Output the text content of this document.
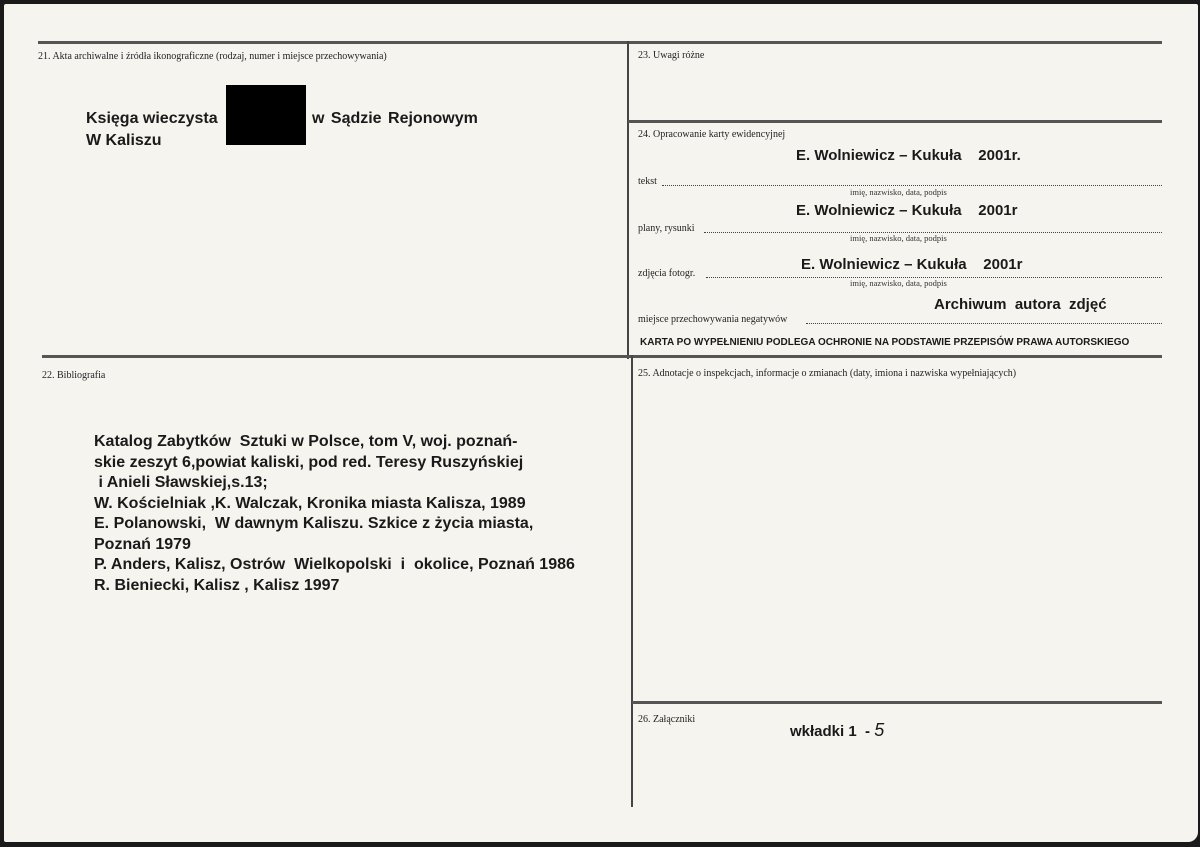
21. Akta archiwalne i źródła ikonograficzne (rodzaj, numer i miejsce przechowywania)
Księga wieczysta	w Sądzie Rejonowym
W Kaliszu
23. Uwagi różne
24. Opracowanie karty ewidencyjnej
E. Wolniewicz – Kukuła    2001r.
tekst
imię, nazwisko, data, podpis
E. Wolniewicz – Kukuła    2001r
plany, rysunki
imię, nazwisko, data, podpis
E. Wolniewicz – Kukuła    2001r
zdjęcia fotogr.
imię, nazwisko, data, podpis
Archiwum  autora  zdjęć
miejsce przechowywania negatywów
KARTA PO WYPEŁNIENIU PODLEGA OCHRONIE NA PODSTAWIE PRZEPISÓW PRAWA AUTORSKIEGO
22. Bibliografia
Katalog Zabytków  Sztuki w Polsce, tom V, woj. poznań-
skie zeszyt 6,powiat kaliski, pod red. Teresy Ruszyńskiej
i Anieli Sławskiej,s.13;
W. Kościelniak ,K. Walczak, Kronika miasta Kalisza, 1989
E. Polanowski,  W dawnym Kaliszu. Szkice z życia miasta,
Poznań 1979
P. Anders, Kalisz, Ostrów  Wielkopolski  i  okolice, Poznań 1986
R. Bieniecki, Kalisz , Kalisz 1997
25. Adnotacje o inspekcjach, informacje o zmianach (daty, imiona i nazwiska wypełniających)
26. Załączniki
wkładki 1  - 5
